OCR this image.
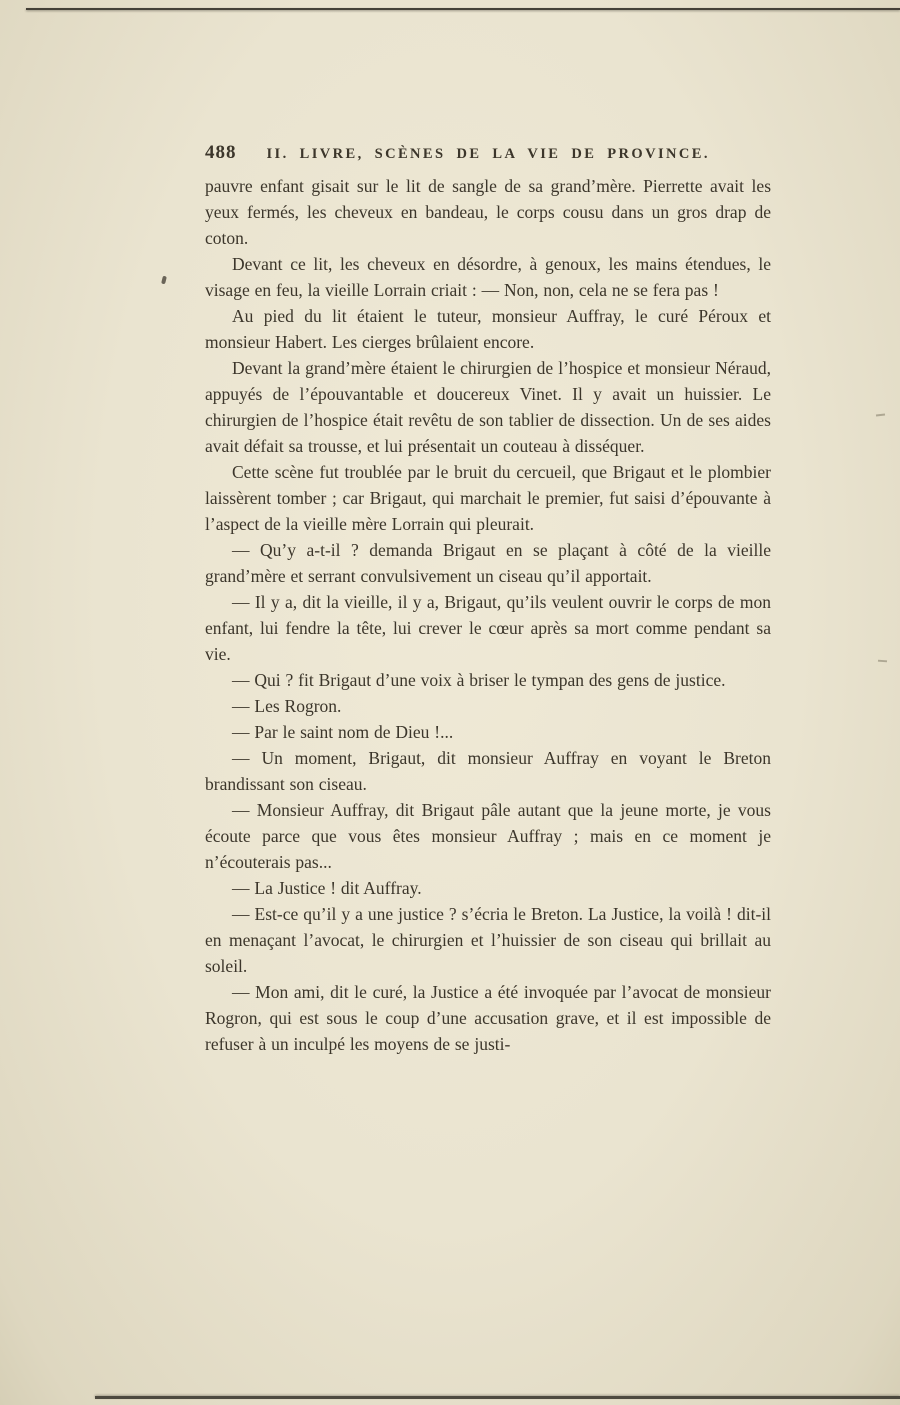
488 II. LIVRE, SCÈNES DE LA VIE DE PROVINCE.

pauvre enfant gisait sur le lit de sangle de sa grand’mère. Pierrette avait les yeux fermés, les cheveux en bandeau, le corps cousu dans un gros drap de coton.

Devant ce lit, les cheveux en désordre, à genoux, les mains étendues, le visage en feu, la vieille Lorrain criait : — Non, non, cela ne se fera pas !

Au pied du lit étaient le tuteur, monsieur Auffray, le curé Péroux et monsieur Habert. Les cierges brûlaient encore.

Devant la grand’mère étaient le chirurgien de l’hospice et monsieur Néraud, appuyés de l’épouvantable et doucereux Vinet. Il y avait un huissier. Le chirurgien de l’hospice était revêtu de son tablier de dissection. Un de ses aides avait défait sa trousse, et lui présentait un couteau à disséquer.

Cette scène fut troublée par le bruit du cercueil, que Brigaut et le plombier laissèrent tomber ; car Brigaut, qui marchait le premier, fut saisi d’épouvante à l’aspect de la vieille mère Lorrain qui pleurait.

— Qu’y a-t-il ? demanda Brigaut en se plaçant à côté de la vieille grand’mère et serrant convulsivement un ciseau qu’il apportait.

— Il y a, dit la vieille, il y a, Brigaut, qu’ils veulent ouvrir le corps de mon enfant, lui fendre la tête, lui crever le cœur après sa mort comme pendant sa vie.

— Qui ? fit Brigaut d’une voix à briser le tympan des gens de justice.

— Les Rogron.

— Par le saint nom de Dieu !...

— Un moment, Brigaut, dit monsieur Auffray en voyant le Breton brandissant son ciseau.

— Monsieur Auffray, dit Brigaut pâle autant que la jeune morte, je vous écoute parce que vous êtes monsieur Auffray ; mais en ce moment je n’écouterais pas...

— La Justice ! dit Auffray.

— Est-ce qu’il y a une justice ? s’écria le Breton. La Justice, la voilà ! dit-il en menaçant l’avocat, le chirurgien et l’huissier de son ciseau qui brillait au soleil.

— Mon ami, dit le curé, la Justice a été invoquée par l’avocat de monsieur Rogron, qui est sous le coup d’une accusation grave, et il est impossible de refuser à un inculpé les moyens de se justi-
